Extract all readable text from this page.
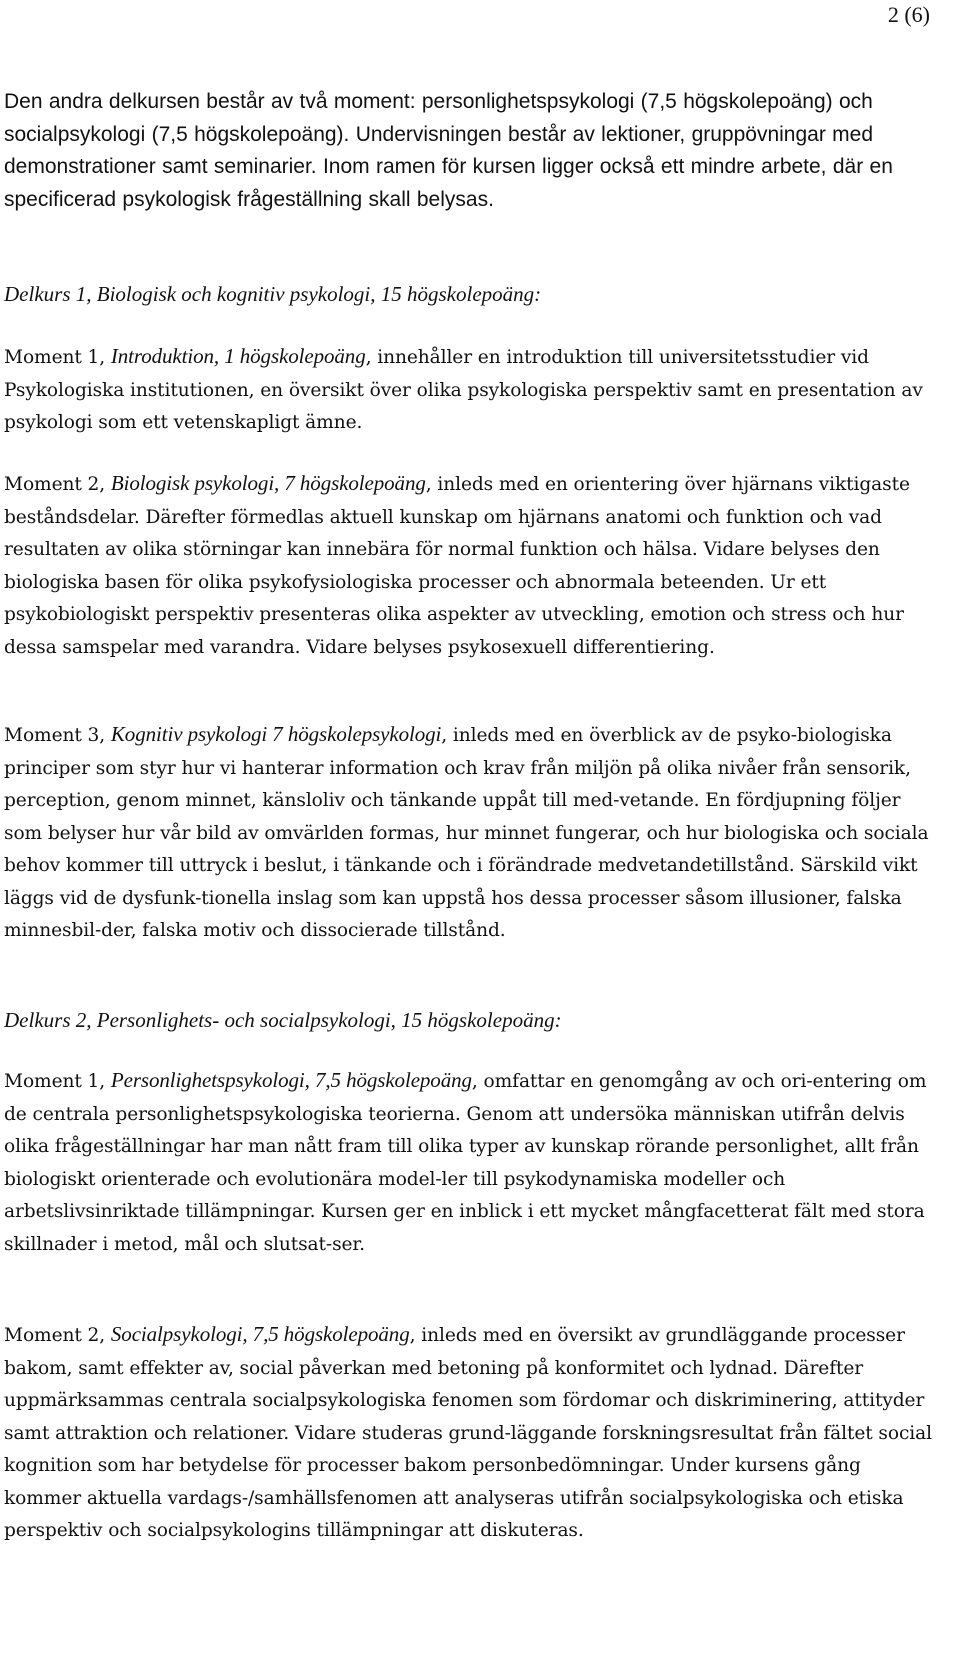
2 (6)

Den andra delkursen består av två moment: personlighetspsykologi (7,5 högskolepoäng) och socialpsykologi (7,5 högskolepoäng). Undervisningen består av lektioner, gruppövningar med demonstrationer samt seminarier. Inom ramen för kursen ligger också ett mindre arbete, där en specificerad psykologisk frågeställning skall belysas.

Delkurs 1, Biologisk och kognitiv psykologi, 15 högskolepoäng:

Moment 1, Introduktion, 1 högskolepoäng, innehåller en introduktion till universitetsstudier vid Psykologiska institutionen, en översikt över olika psykologiska perspektiv samt en presentation av psykologi som ett vetenskapligt ämne.

Moment 2, Biologisk psykologi, 7 högskolepoäng, inleds med en orientering över hjärnans viktigaste beståndsdelar. Därefter förmedlas aktuell kunskap om hjärnans anatomi och funktion och vad resultaten av olika störningar kan innebära för normal funktion och hälsa. Vidare belyses den biologiska basen för olika psykofysiologiska processer och abnormala beteenden. Ur ett psykobiologiskt perspektiv presenteras olika aspekter av utveckling, emotion och stress och hur dessa samspelar med varandra. Vidare belyses psykosexuell differentiering.

Moment 3, Kognitiv psykologi 7 högskolepsykologi, inleds med en överblick av de psyko-biologiska principer som styr hur vi hanterar information och krav från miljön på olika nivåer från sensorik, perception, genom minnet, känsloliv och tänkande uppåt till med-vetande. En fördjupning följer som belyser hur vår bild av omvärlden formas, hur minnet fungerar, och hur biologiska och sociala behov kommer till uttryck i beslut, i tänkande och i förändrade medvetandetillstånd. Särskild vikt läggs vid de dysfunk-tionella inslag som kan uppstå hos dessa processer såsom illusioner, falska minnesbil-der, falska motiv och dissocierade tillstånd.

Delkurs 2, Personlighets- och socialpsykologi, 15 högskolepoäng:

Moment 1, Personlighetspsykologi, 7,5 högskolepoäng, omfattar en genomgång av och ori-entering om de centrala personlighetspsykologiska teorierna. Genom att undersöka människan utifrån delvis olika frågeställningar har man nått fram till olika typer av kunskap rörande personlighet, allt från biologiskt orienterade och evolutionära model-ler till psykodynamiska modeller och arbetslivsinriktade tillämpningar. Kursen ger en inblick i ett mycket mångfacetterat fält med stora skillnader i metod, mål och slutsat-ser.

Moment 2, Socialpsykologi, 7,5 högskolepoäng, inleds med en översikt av grundläggande processer bakom, samt effekter av, social påverkan med betoning på konformitet och lydnad. Därefter uppmärksammas centrala socialpsykologiska fenomen som fördomar och diskriminering, attityder samt attraktion och relationer. Vidare studeras grund-läggande forskningsresultat från fältet social kognition som har betydelse för processer bakom personbedömningar. Under kursens gång kommer aktuella vardags-/samhällsfenomen att analyseras utifrån socialpsykologiska och etiska perspektiv och socialpsykologins tillämpningar att diskuteras.
